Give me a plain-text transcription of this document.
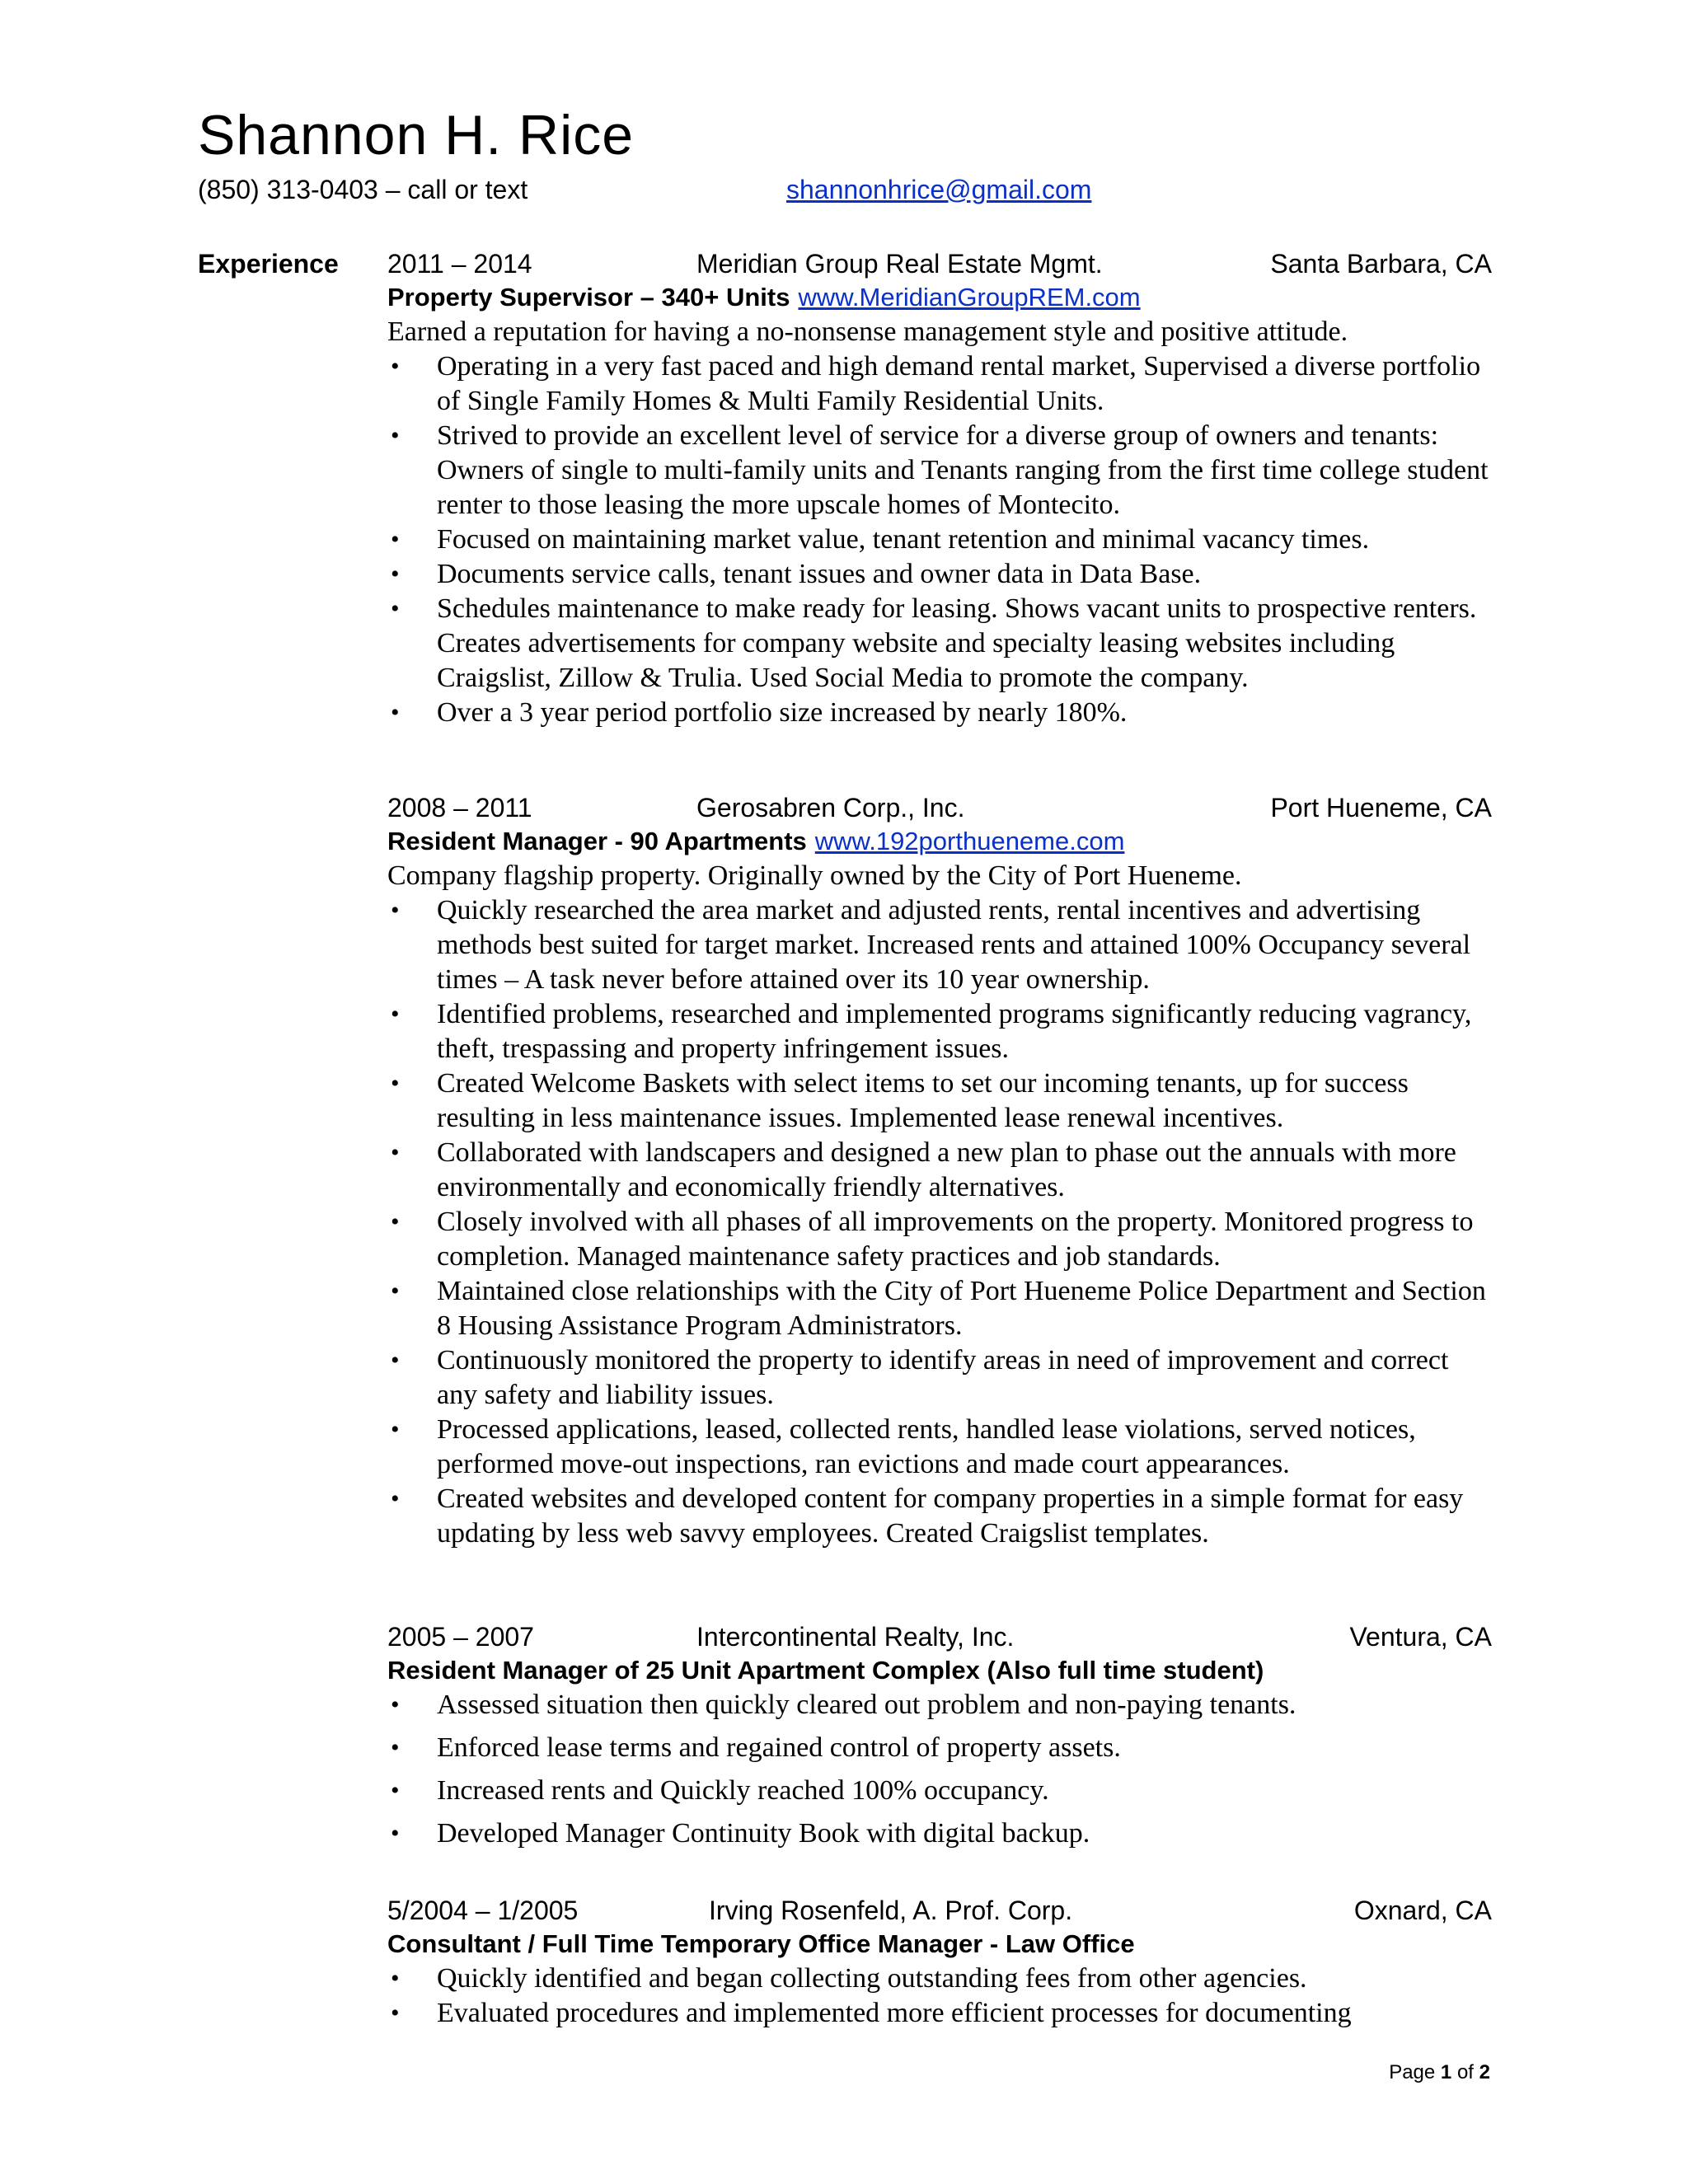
Shannon H. Rice
(850) 313-0403 – call or text	shannonhrice@gmail.com
Experience 2011 – 2014	Meridian Group Real Estate Mgmt.	Santa Barbara, CA
Property Supervisor – 340+ Units www.MeridianGroupREM.com
Earned a reputation for having a no-nonsense management style and positive attitude.
• Operating in a very fast paced and high demand rental market, Supervised a diverse portfolio of Single Family Homes & Multi Family Residential Units.
• Strived to provide an excellent level of service for a diverse group of owners and tenants: Owners of single to multi-family units and Tenants ranging from the first time college student renter to those leasing the more upscale homes of Montecito.
• Focused on maintaining market value, tenant retention and minimal vacancy times.
• Documents service calls, tenant issues and owner data in Data Base.
• Schedules maintenance to make ready for leasing. Shows vacant units to prospective renters. Creates advertisements for company website and specialty leasing websites including Craigslist, Zillow & Trulia. Used Social Media to promote the company.
• Over a 3 year period portfolio size increased by nearly 180%.
2008 – 2011	Gerosabren Corp., Inc.	Port Hueneme, CA
Resident Manager - 90 Apartments www.192porthueneme.com
Company flagship property. Originally owned by the City of Port Hueneme.
• Quickly researched the area market and adjusted rents, rental incentives and advertising methods best suited for target market. Increased rents and attained 100% Occupancy several times – A task never before attained over its 10 year ownership.
• Identified problems, researched and implemented programs significantly reducing vagrancy, theft, trespassing and property infringement issues.
• Created Welcome Baskets with select items to set our incoming tenants, up for success resulting in less maintenance issues. Implemented lease renewal incentives.
• Collaborated with landscapers and designed a new plan to phase out the annuals with more environmentally and economically friendly alternatives.
• Closely involved with all phases of all improvements on the property. Monitored progress to completion. Managed maintenance safety practices and job standards.
• Maintained close relationships with the City of Port Hueneme Police Department and Section 8 Housing Assistance Program Administrators.
• Continuously monitored the property to identify areas in need of improvement and correct any safety and liability issues.
• Processed applications, leased, collected rents, handled lease violations, served notices, performed move-out inspections, ran evictions and made court appearances.
• Created websites and developed content for company properties in a simple format for easy updating by less web savvy employees. Created Craigslist templates.
2005 – 2007	Intercontinental Realty, Inc.	Ventura, CA
Resident Manager of 25 Unit Apartment Complex (Also full time student)
• Assessed situation then quickly cleared out problem and non-paying tenants.
• Enforced lease terms and regained control of property assets.
• Increased rents and Quickly reached 100% occupancy.
• Developed Manager Continuity Book with digital backup.
5/2004 – 1/2005	Irving Rosenfeld, A. Prof. Corp.	Oxnard, CA
Consultant / Full Time Temporary Office Manager - Law Office
• Quickly identified and began collecting outstanding fees from other agencies.
• Evaluated procedures and implemented more efficient processes for documenting
Page 1 of 2
